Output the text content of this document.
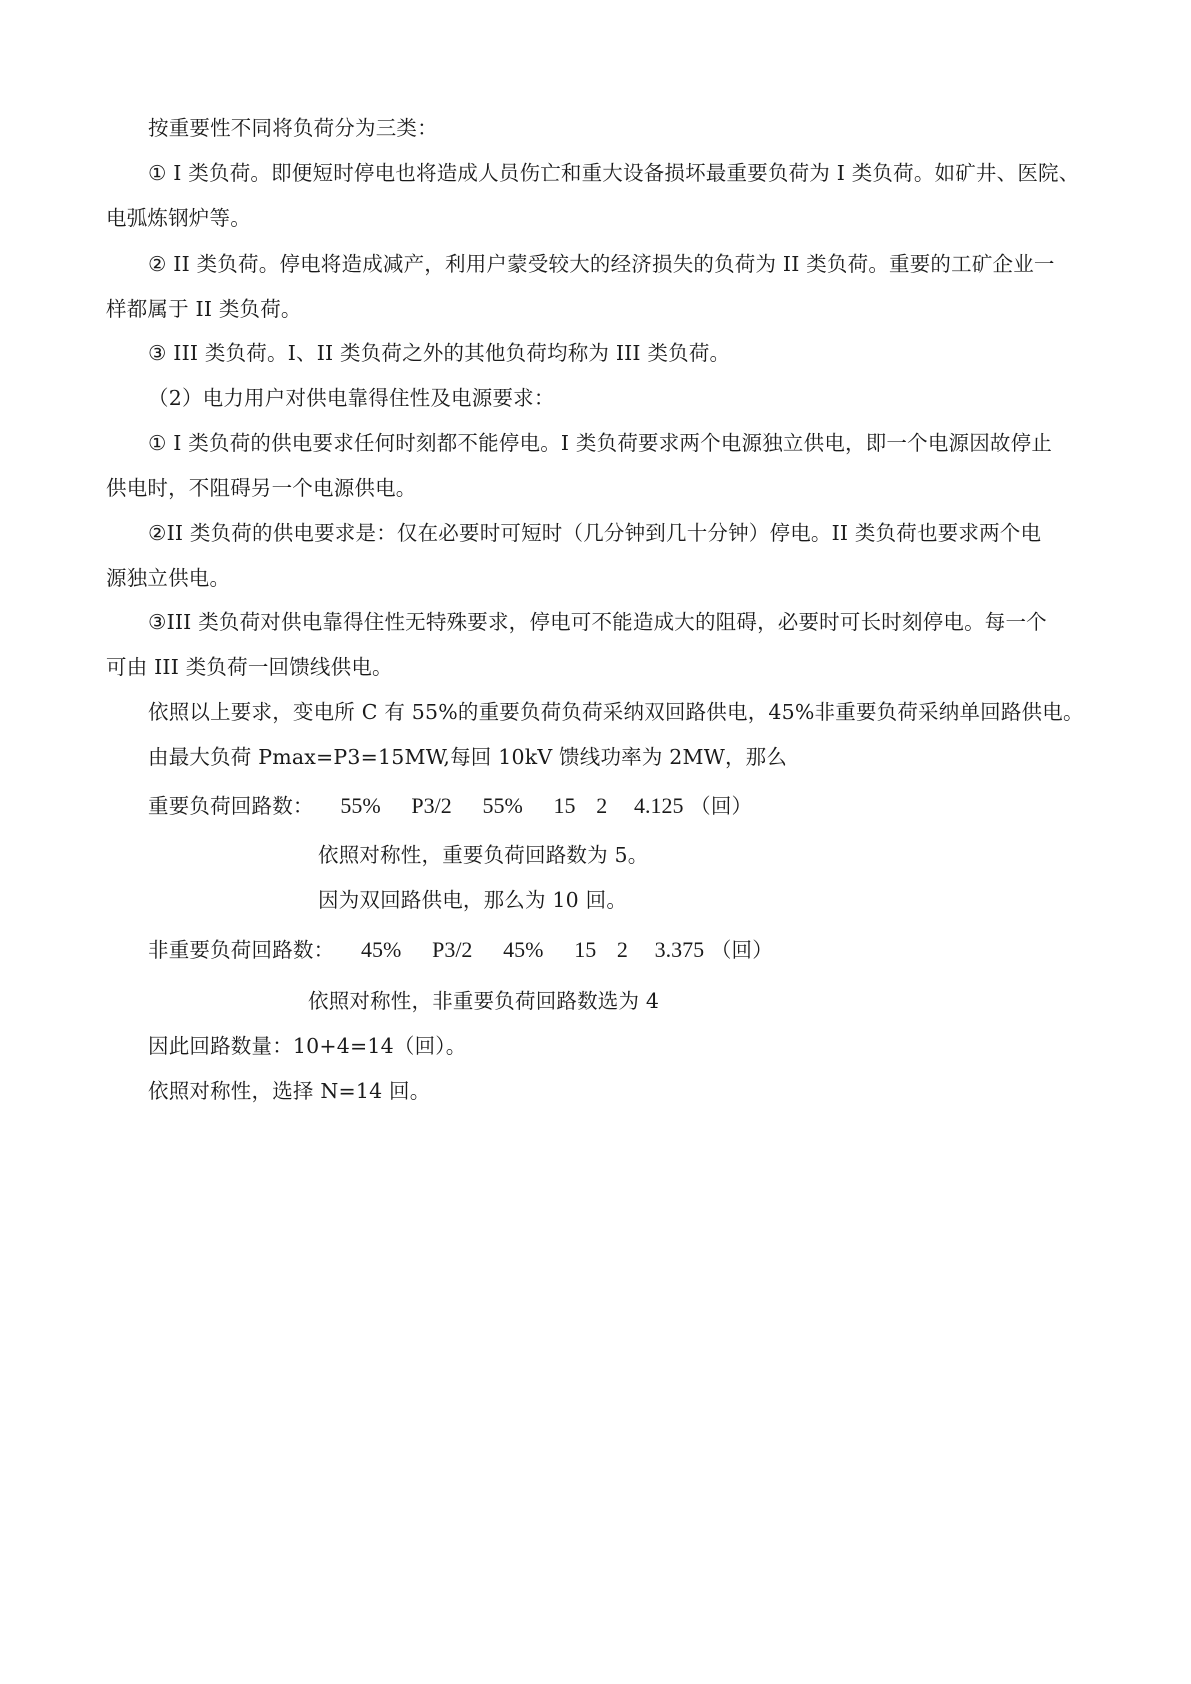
按重要性不同将负荷分为三类：
① I 类负荷。即便短时停电也将造成人员伤亡和重大设备损坏最重要负荷为 I 类负荷。如矿井、医院、
电弧炼钢炉等。
② II 类负荷。停电将造成减产，利用户蒙受较大的经济损失的负荷为 II 类负荷。重要的工矿企业一
样都属于 II 类负荷。
③ III 类负荷。I、II 类负荷之外的其他负荷均称为 III 类负荷。
（2）电力用户对供电靠得住性及电源要求：
① I 类负荷的供电要求任何时刻都不能停电。I 类负荷要求两个电源独立供电，即一个电源因故停止
供电时，不阻碍另一个电源供电。
②II 类负荷的供电要求是：仅在必要时可短时（几分钟到几十分钟）停电。II 类负荷也要求两个电
源独立供电。
③III 类负荷对供电靠得住性无特殊要求，停电可不能造成大的阻碍，必要时可长时刻停电。每一个
可由 III 类负荷一回馈线供电。
依照以上要求，变电所 C 有 55%的重要负荷负荷采纳双回路供电，45%非重要负荷采纳单回路供电。
由最大负荷 Pmax=P3=15MW,每回 10kV 馈线功率为 2MW，那么
重要负荷回路数： 55% P3/2 55% 15 2 4.125 （回）
依照对称性，重要负荷回路数为 5。
因为双回路供电，那么为 10 回。
非重要负荷回路数： 45% P3/2 45% 15 2 3.375 （回）
依照对称性，非重要负荷回路数选为 4
因此回路数量：10+4=14（回）。
依照对称性，选择 N=14 回。
